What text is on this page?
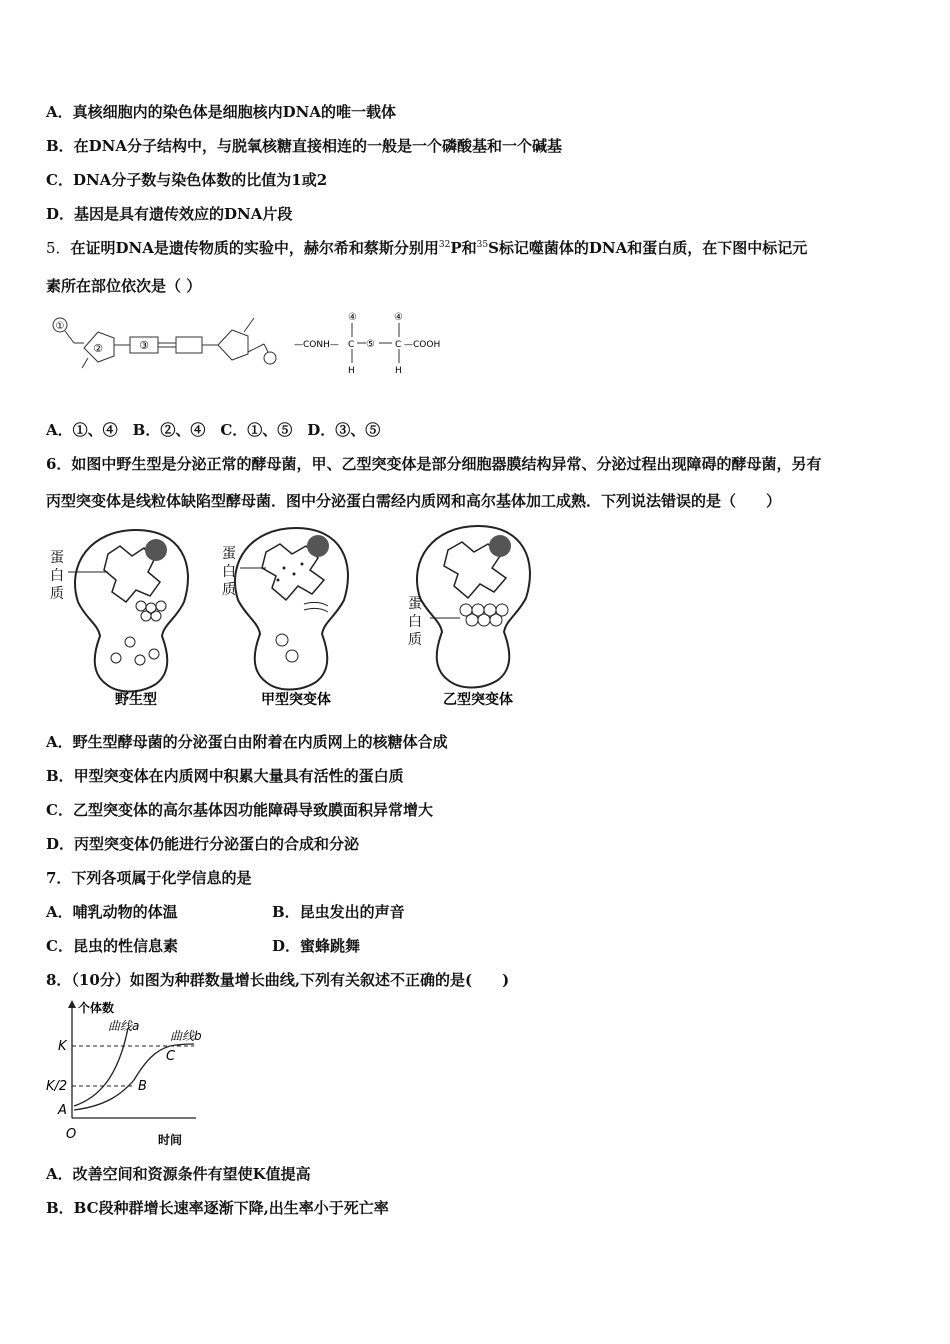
A．真核细胞内的染色体是细胞核内DNA的唯一载体
B．在DNA分子结构中，与脱氧核糖直接相连的一般是一个磷酸基和一个碱基
C．DNA分子数与染色体数的比值为1或2
D．基因是具有遗传效应的DNA片段
5．在证明DNA是遗传物质的实验中，赫尔希和蔡斯分别用$^{32}$P和$^{35}$S标记噬菌体的DNA和蛋白质，在下图中标记元
素所在部位依次是（ ）
①
②	③	—CONH— C
④
H
⑤ C
④
H
—COOH
A．①、④　B．②、④　C．①、⑤　D．③、⑤
6．如图中野生型是分泌正常的酵母菌，甲、乙型突变体是部分细胞器膜结构异常、分泌过程出现障碍的酵母菌，另有
丙型突变体是线粒体缺陷型酵母菌．图中分泌蛋白需经内质网和高尔基体加工成熟．下列说法错误的是（　　）
蛋
白
质
野生型
蛋
白
质
甲型突变体
蛋
白
质
乙型突变体
A．野生型酵母菌的分泌蛋白由附着在内质网上的核糖体合成
B．甲型突变体在内质网中积累大量具有活性的蛋白质
C．乙型突变体的高尔基体因功能障碍导致膜面积异常增大
D．丙型突变体仍能进行分泌蛋白的合成和分泌
7．下列各项属于化学信息的是
A．哺乳动物的体温	B．昆虫发出的声音
C．昆虫的性信息素	D．蜜蜂跳舞
8．（10分）如图为种群数量增长曲线,下列有关叙述不正确的是(　　)
个体数
曲线a
曲线b
K
K/2
A
B
C
O	时间
A．改善空间和资源条件有望使K值提高
B．BC段种群增长速率逐渐下降,出生率小于死亡率
